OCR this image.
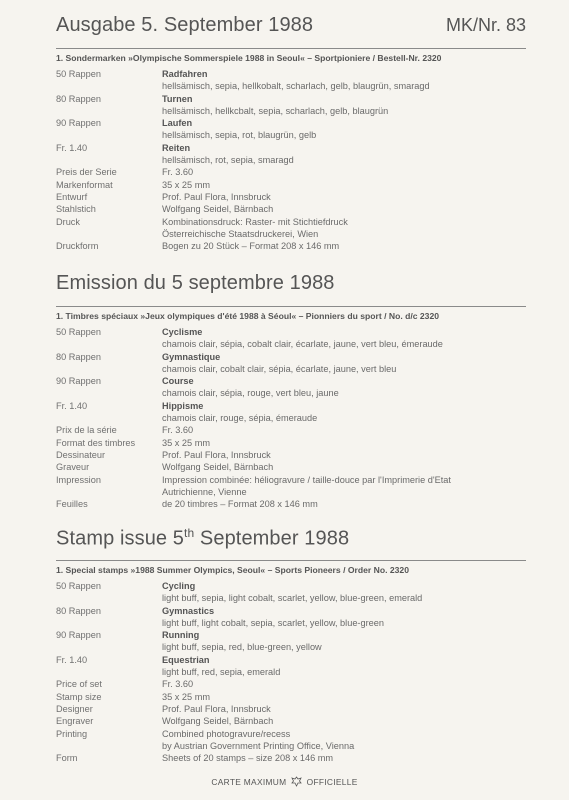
Ausgabe 5. September 1988	MK/Nr. 83
1. Sondermarken »Olympische Sommerspiele 1988 in Seoul« – Sportpioniere / Bestell-Nr. 2320
50 Rappen	Radfahren
hellsämisch, sepia, hellkobalt, scharlach, gelb, blaugrün, smaragd
80 Rappen	Turnen
hellsämisch, hellkcbalt, sepia, scharlach, gelb, blaugrün
90 Rappen	Laufen
hellsämisch, sepia, rot, blaugrün, gelb
Fr. 1.40	Reiten
hellsämisch, rot, sepia, smaragd
Preis der Serie	Fr. 3.60
Markenformat	35 x 25 mm
Entwurf	Prof. Paul Flora, Innsbruck
Stahlstich	Wolfgang Seidel, Bärnbach
Druck	Kombinationsdruck: Raster- mit Stichtiefdruck
Österreichische Staatsdruckerei, Wien
Druckform	Bogen zu 20 Stück – Format 208 x 146 mm
Emission du 5 septembre 1988
1. Timbres spéciaux »Jeux olympiques d'été 1988 à Séoul« – Pionniers du sport / No. d/c 2320
50 Rappen	Cyclisme
chamois clair, sépia, cobalt clair, écarlate, jaune, vert bleu, émeraude
80 Rappen	Gymnastique
chamois clair, cobalt clair, sépia, écarlate, jaune, vert bleu
90 Rappen	Course
chamois clair, sépia, rouge, vert bleu, jaune
Fr. 1.40	Hippisme
chamois clair, rouge, sépia, émeraude
Prix de la série	Fr. 3.60
Format des timbres	35 x 25 mm
Dessinateur	Prof. Paul Flora, Innsbruck
Graveur	Wolfgang Seidel, Bärnbach
Impression	Impression combinée: héliogravure / taille-douce par l'Imprimerie d'Etat
Autrichienne, Vienne
Feuilles	de 20 timbres – Format 208 x 146 mm
Stamp issue 5th September 1988
1. Special stamps »1988 Summer Olympics, Seoul« – Sports Pioneers / Order No. 2320
50 Rappen	Cycling
light buff, sepia, light cobalt, scarlet, yellow, blue-green, emerald
80 Rappen	Gymnastics
light buff, light cobalt, sepia, scarlet, yellow, blue-green
90 Rappen	Running
light buff, sepia, red, blue-green, yellow
Fr. 1.40	Equestrian
light buff, red, sepia, emerald
Price of set	Fr. 3.60
Stamp size	35 x 25 mm
Designer	Prof. Paul Flora, Innsbruck
Engraver	Wolfgang Seidel, Bärnbach
Printing	Combined photogravure/recess
by Austrian Government Printing Office, Vienna
Form	Sheets of 20 stamps – size 208 x 146 mm
CARTE MAXIMUM OFFICIELLE
